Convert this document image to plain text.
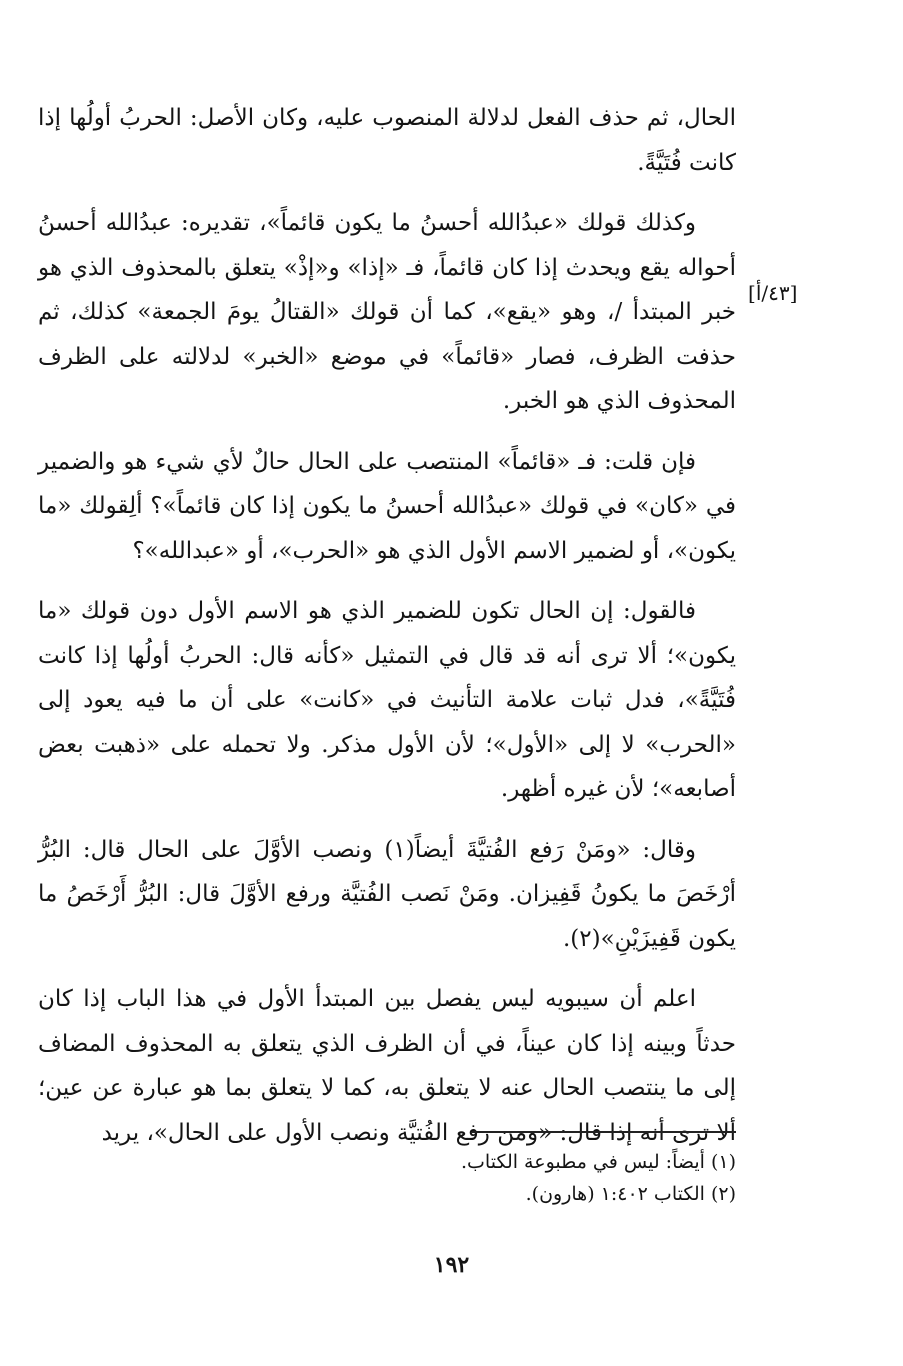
[٤٣/أ]

الحال، ثم حذف الفعل لدلالة المنصوب عليه، وكان الأصل: الحربُ أولُها إذا كانت فُتَيَّةً.

وكذلك قولك «عبدُالله أحسنُ ما يكون قائماً»، تقديره: عبدُالله أحسنُ أحواله يقع ويحدث إذا كان قائماً، فـ «إذا» و«إذْ» يتعلق بالمحذوف الذي هو خبر المبتدأ /، وهو «يقع»، كما أن قولك «القتالُ يومَ الجمعة» كذلك، ثم حذفت الظرف، فصار «قائماً» في موضع «الخبر» لدلالته على الظرف المحذوف الذي هو الخبر.

فإن قلت: فـ «قائماً» المنتصب على الحال حالٌ لأي شيء هو والضمير في «كان» في قولك «عبدُالله أحسنُ ما يكون إذا كان قائماً»؟ ألِقولك «ما يكون»، أو لضمير الاسم الأول الذي هو «الحرب»، أو «عبدالله»؟

فالقول: إن الحال تكون للضمير الذي هو الاسم الأول دون قولك «ما يكون»؛ ألا ترى أنه قد قال في التمثيل «كأنه قال: الحربُ أولُها إذا كانت فُتَيَّةً»، فدل ثبات علامة التأنيث في «كانت» على أن ما فيه يعود إلى «الحرب» لا إلى «الأول»؛ لأن الأول مذكر. ولا تحمله على «ذهبت بعض أصابعه»؛ لأن غيره أظهر.

وقال: «ومَنْ رَفع الفُتيَّةَ أيضاً(١) ونصب الأوَّلَ على الحال قال: البُرُّ أرْخَصَ ما يكونُ قَفِيزان. ومَنْ نَصب الفُتيَّة ورفع الأوَّلَ قال: البُرُّ أَرْخَصُ ما يكون قَفِيزَيْنِ»(٢).

اعلم أن سيبويه ليس يفصل بين المبتدأ الأول في هذا الباب إذا كان حدثاً وبينه إذا كان عيناً، في أن الظرف الذي يتعلق به المحذوف المضاف إلى ما ينتصب الحال عنه لا يتعلق به، كما لا يتعلق بما هو عبارة عن عين؛ ألا ترى أنه إذا قال: «ومن رفع الفُتيَّة ونصب الأول على الحال»، يريد

(١) أيضاً: ليس في مطبوعة الكتاب.

(٢) الكتاب ١:٤٠٢ (هارون).

١٩٢
